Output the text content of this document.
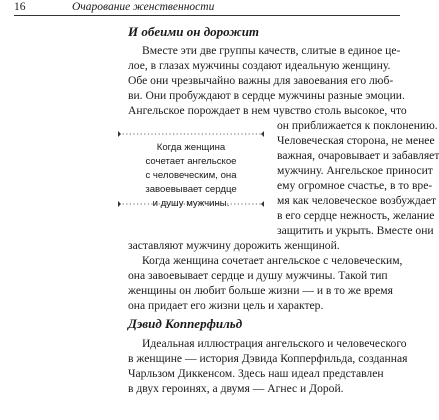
16	Очарование женственности
И обеими он дорожит
Вместе эти две группы качеств, слитые в единое це-
лое, в глазах мужчины создают идеальную женщину.
Обе они чрезвычайно важны для завоевания его люб-
ви. Они пробуждают в сердце мужчины разные эмоции.
Ангельское порождает в нем чувство столь высокое, что
он приближается к поклонению.
Человеческая сторона, не менее
важная, очаровывает и забавляет
мужчину. Ангельское приносит
ему огромное счастье, в то вре-
мя как человеческое возбуждает
в его сердце нежность, желание
защитить и укрыть. Вместе они
Когда женщина
сочетает ангельское
с человеческим, она
завоевывает сердце
и душу мужчины.
заставляют мужчину дорожить женщиной.
Когда женщина сочетает ангельское с человеческим,
она завоевывает сердце и душу мужчины. Такой тип
женщины он любит больше жизни — и в то же время
она придает его жизни цель и характер.
Дэвид Копперфильд
Идеальная иллюстрация ангельского и человеческого
в женщине — история Дэвида Копперфильда, созданная
Чарльзом Диккенсом. Здесь наш идеал представлен
в двух героинях, а двумя — Агнес и Дорой.
